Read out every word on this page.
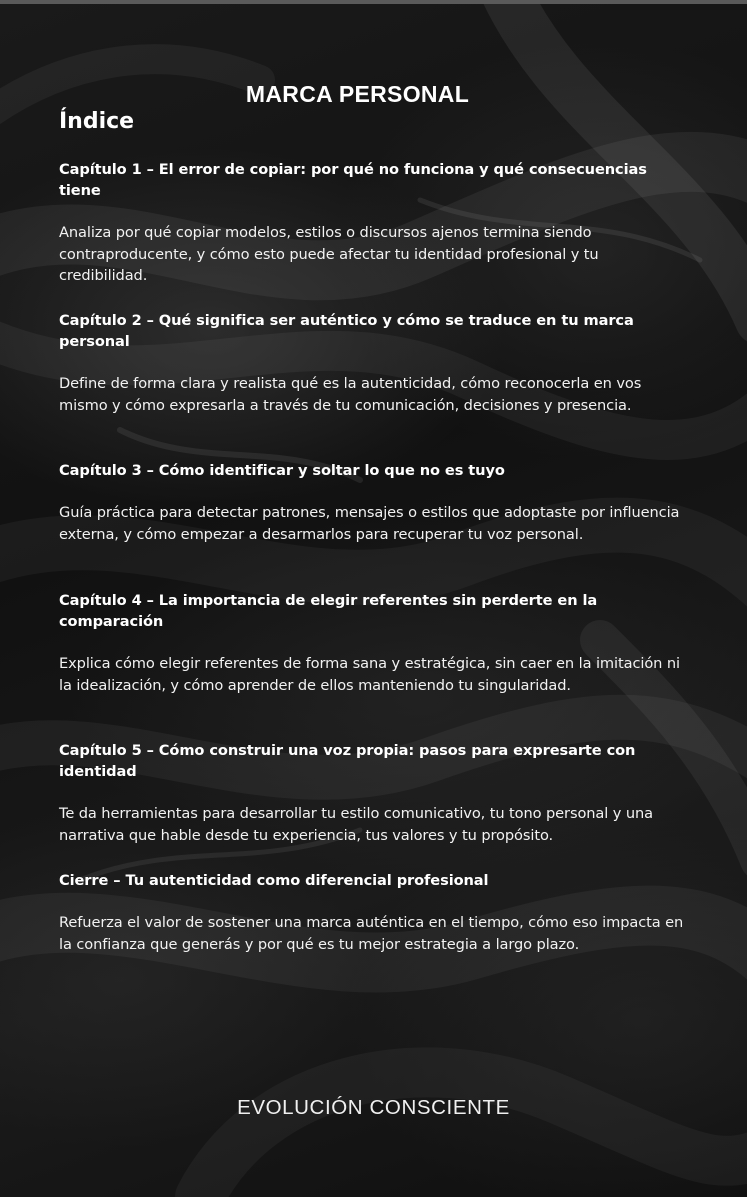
MARCA PERSONAL
Índice

Capítulo 1 – El error de copiar: por qué no funciona y qué consecuencias tiene

Analiza por qué copiar modelos, estilos o discursos ajenos termina siendo contraproducente, y cómo esto puede afectar tu identidad profesional y tu credibilidad.

Capítulo 2 – Qué significa ser auténtico y cómo se traduce en tu marca personal

Define de forma clara y realista qué es la autenticidad, cómo reconocerla en vos mismo y cómo expresarla a través de tu comunicación, decisiones y presencia.

Capítulo 3 – Cómo identificar y soltar lo que no es tuyo

Guía práctica para detectar patrones, mensajes o estilos que adoptaste por influencia externa, y cómo empezar a desarmarlos para recuperar tu voz personal.

Capítulo 4 – La importancia de elegir referentes sin perderte en la comparación

Explica cómo elegir referentes de forma sana y estratégica, sin caer en la imitación ni la idealización, y cómo aprender de ellos manteniendo tu singularidad.

Capítulo 5 – Cómo construir una voz propia: pasos para expresarte con identidad

Te da herramientas para desarrollar tu estilo comunicativo, tu tono personal y una narrativa que hable desde tu experiencia, tus valores y tu propósito.

Cierre – Tu autenticidad como diferencial profesional

Refuerza el valor de sostener una marca auténtica en el tiempo, cómo eso impacta en la confianza que generás y por qué es tu mejor estrategia a largo plazo.

EVOLUCIÓN CONSCIENTE
